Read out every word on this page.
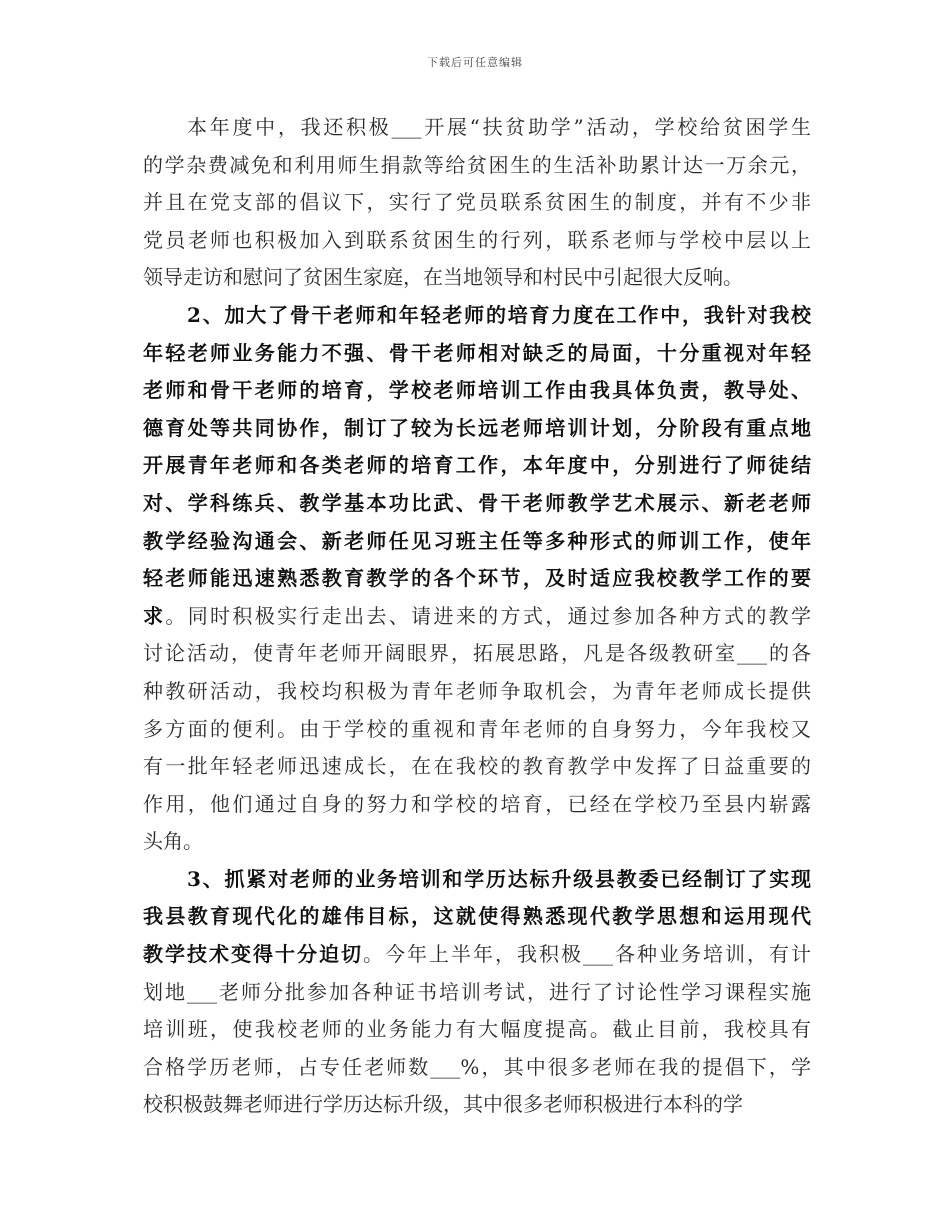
下载后可任意编辑
本年度中，我还积极___开展“扶贫助学”活动，学校给贫困学生
的学杂费减免和利用师生捐款等给贫困生的生活补助累计达一万余元，
并且在党支部的倡议下，实行了党员联系贫困生的制度，并有不少非
党员老师也积极加入到联系贫困生的行列，联系老师与学校中层以上
领导走访和慰问了贫困生家庭，在当地领导和村民中引起很大反响。
2、加大了骨干老师和年轻老师的培育力度在工作中，我针对我校
年轻老师业务能力不强、骨干老师相对缺乏的局面，十分重视对年轻
老师和骨干老师的培育，学校老师培训工作由我具体负责，教导处、
德育处等共同协作，制订了较为长远老师培训计划，分阶段有重点地
开展青年老师和各类老师的培育工作，本年度中，分别进行了师徒结
对、学科练兵、教学基本功比武、骨干老师教学艺术展示、新老老师
教学经验沟通会、新老师任见习班主任等多种形式的师训工作，使年
轻老师能迅速熟悉教育教学的各个环节，及时适应我校教学工作的要
求。同时积极实行走出去、请进来的方式，通过参加各种方式的教学
讨论活动，使青年老师开阔眼界，拓展思路，凡是各级教研室___的各
种教研活动，我校均积极为青年老师争取机会，为青年老师成长提供
多方面的便利。由于学校的重视和青年老师的自身努力，今年我校又
有一批年轻老师迅速成长，在在我校的教育教学中发挥了日益重要的
作用，他们通过自身的努力和学校的培育，已经在学校乃至县内崭露
头角。
3、抓紧对老师的业务培训和学历达标升级县教委已经制订了实现
我县教育现代化的雄伟目标，这就使得熟悉现代教学思想和运用现代
教学技术变得十分迫切。今年上半年，我积极___各种业务培训，有计
划地___老师分批参加各种证书培训考试，进行了讨论性学习课程实施
培训班，使我校老师的业务能力有大幅度提高。截止目前，我校具有
合格学历老师，占专任老师数___%，其中很多老师在我的提倡下，学
校积极鼓舞老师进行学历达标升级，其中很多老师积极进行本科的学
